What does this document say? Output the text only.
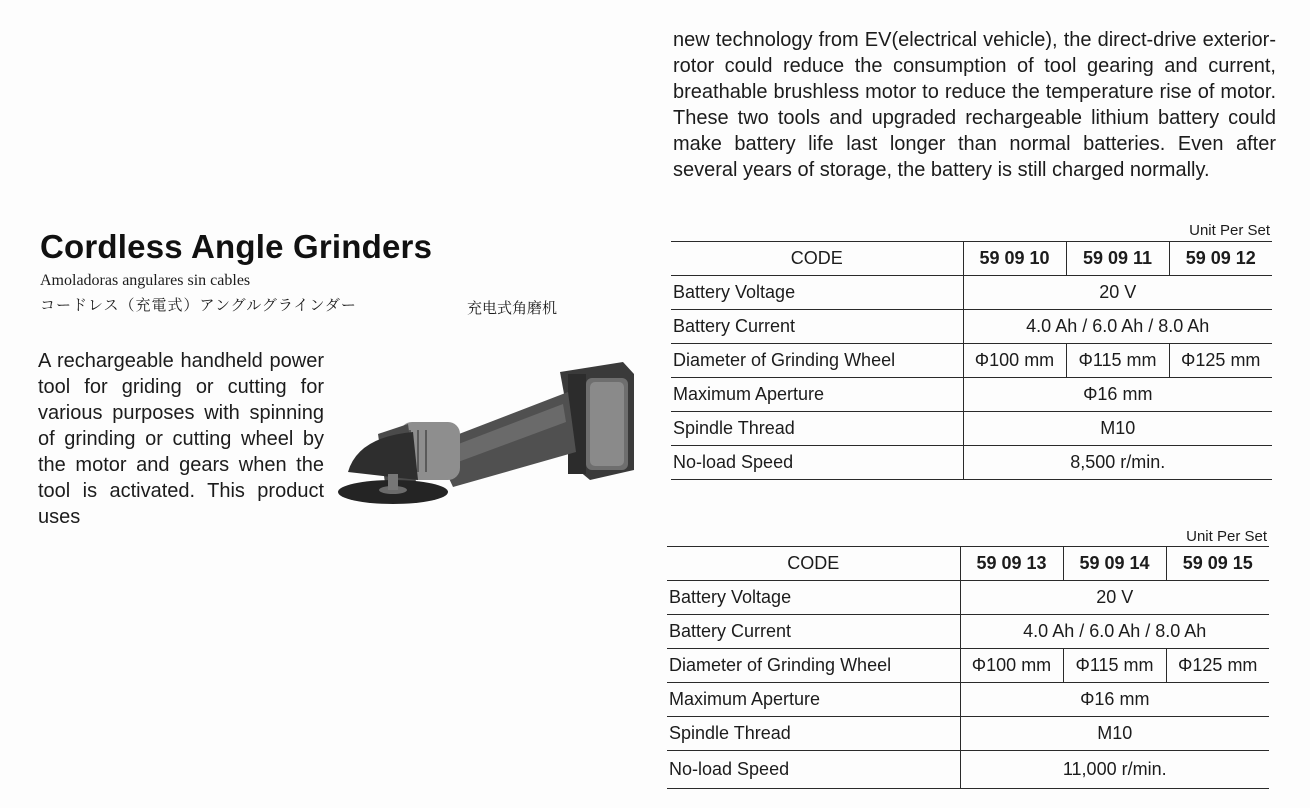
new technology from EV(electrical vehicle), the direct-drive exterior-rotor could reduce the consumption of tool gearing and current, breathable brushless motor to reduce the temperature rise of motor. These two tools and upgraded rechargeable lithium battery could make battery life last longer than normal batteries. Even after several years of storage, the battery is still charged normally.

Cordless Angle Grinders
Amoladoras angulares sin cables
コードレス（充電式）アングルグラインダー	充电式角磨机

A rechargeable handheld power tool for griding or cutting for various purposes with spinning of grinding or cutting wheel by the motor and gears when the tool is activated. This product uses

Unit Per Set
CODE	59 09 10	59 09 11	59 09 12
Battery Voltage	20 V		
Battery Current	4.0 Ah / 6.0 Ah / 8.0 Ah		
Diameter of Grinding Wheel	Φ100 mm	Φ115 mm	Φ125 mm
Maximum Aperture	Φ16 mm		
Spindle Thread	M10		
No-load Speed	8,500 r/min.		
Unit Per Set
CODE	59 09 13	59 09 14	59 09 15
Battery Voltage	20 V		
Battery Current	4.0 Ah / 6.0 Ah / 8.0 Ah		
Diameter of Grinding Wheel	Φ100 mm	Φ115 mm	Φ125 mm
Maximum Aperture	Φ16 mm		
Spindle Thread	M10		
No-load Speed	11,000 r/min.		
